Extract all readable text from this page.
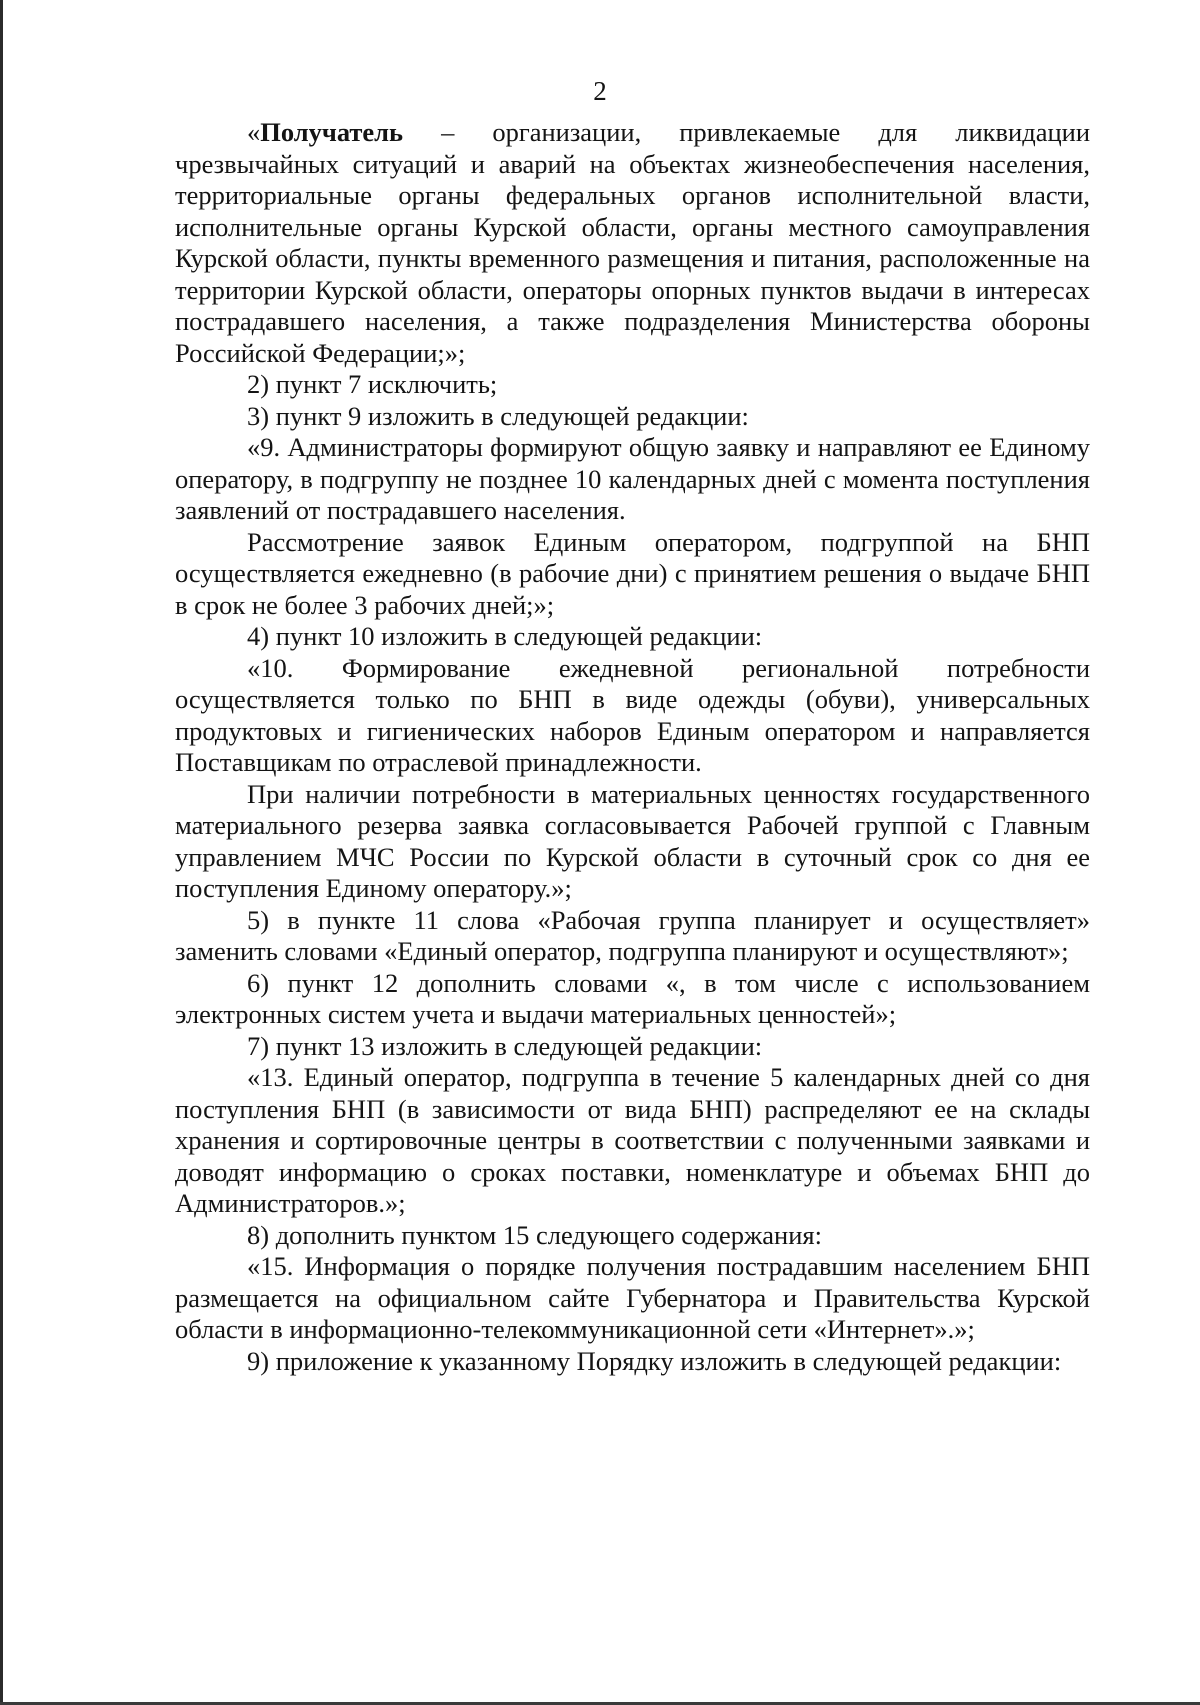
2

«Получатель – организации, привлекаемые для ликвидации чрезвычайных ситуаций и аварий на объектах жизнеобеспечения населения, территориальные органы федеральных органов исполнительной власти, исполнительные органы Курской области, органы местного самоуправления Курской области, пункты временного размещения и питания, расположенные на территории Курской области, операторы опорных пунктов выдачи в интересах пострадавшего населения, а также подразделения Министерства обороны Российской Федерации;»;

2) пункт 7 исключить;

3) пункт 9 изложить в следующей редакции:

«9. Администраторы формируют общую заявку и направляют ее Единому оператору, в подгруппу не позднее 10 календарных дней с момента поступления заявлений от пострадавшего населения.

Рассмотрение заявок Единым оператором, подгруппой на БНП осуществляется ежедневно (в рабочие дни) с принятием решения о выдаче БНП в срок не более 3 рабочих дней;»;

4) пункт 10 изложить в следующей редакции:

«10. Формирование ежедневной региональной потребности осуществляется только по БНП в виде одежды (обуви), универсальных продуктовых и гигиенических наборов Единым оператором и направляется Поставщикам по отраслевой принадлежности.

При наличии потребности в материальных ценностях государственного материального резерва заявка согласовывается Рабочей группой с Главным управлением МЧС России по Курской области в суточный срок со дня ее поступления Единому оператору.»;

5) в пункте 11 слова «Рабочая группа планирует и осуществляет» заменить словами «Единый оператор, подгруппа планируют и осуществляют»;

6) пункт 12 дополнить словами «, в том числе с использованием электронных систем учета и выдачи материальных ценностей»;

7) пункт 13 изложить в следующей редакции:

«13. Единый оператор, подгруппа в течение 5 календарных дней со дня поступления БНП (в зависимости от вида БНП) распределяют ее на склады хранения и сортировочные центры в соответствии с полученными заявками и доводят информацию о сроках поставки, номенклатуре и объемах БНП до Администраторов.»;

8) дополнить пунктом 15 следующего содержания:

«15. Информация о порядке получения пострадавшим населением БНП размещается на официальном сайте Губернатора и Правительства Курской области в информационно-телекоммуникационной сети «Интернет».»;

9) приложение к указанному Порядку изложить в следующей редакции:
